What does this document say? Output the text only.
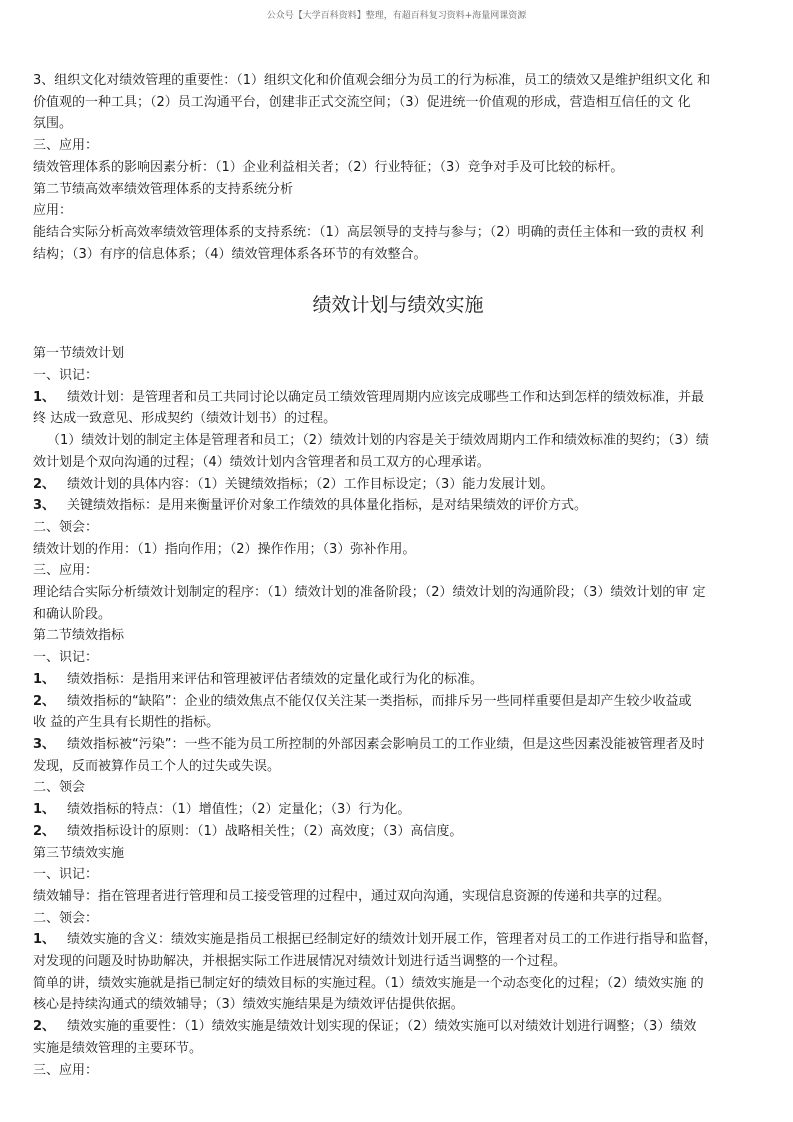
公众号【大学百科资料】整理，有超百科复习资料+海量网课资源
3、组织文化对绩效管理的重要性：（1）组织文化和价值观会细分为员工的行为标准，员工的绩效又是维护组织文化 和
价值观的一种工具；（2）员工沟通平台，创建非正式交流空间；（3）促进统一价值观的形成，营造相互信任的文 化
氛围。
三、应用：
绩效管理体系的影响因素分析：（1）企业利益相关者；（2）行业特征；（3）竞争对手及可比较的标杆。
第二节绩高效率绩效管理体系的支持系统分析
应用：
能结合实际分析高效率绩效管理体系的支持系统：（1）高层领导的支持与参与；（2）明确的责任主体和一致的责权 利
结构；（3）有序的信息体系；（4）绩效管理体系各环节的有效整合。
绩效计划与绩效实施
第一节绩效计划
一、识记：
1、 绩效计划：是管理者和员工共同讨论以确定员工绩效管理周期内应该完成哪些工作和达到怎样的绩效标准，并最
终 达成一致意见、形成契约（绩效计划书）的过程。
（1）绩效计划的制定主体是管理者和员工；（2）绩效计划的内容是关于绩效周期内工作和绩效标准的契约；（3）绩
效计划是个双向沟通的过程；（4）绩效计划内含管理者和员工双方的心理承诺。
2、 绩效计划的具体内容：（1）关键绩效指标；（2）工作目标设定；（3）能力发展计划。
3、 关键绩效指标：是用来衡量评价对象工作绩效的具体量化指标，是对结果绩效的评价方式。
二、领会：
绩效计划的作用：（1）指向作用；（2）操作作用；（3）弥补作用。
三、应用：
理论结合实际分析绩效计划制定的程序：（1）绩效计划的准备阶段；（2）绩效计划的沟通阶段；（3）绩效计划的审 定
和确认阶段。
第二节绩效指标
一、识记：
1、 绩效指标：是指用来评估和管理被评估者绩效的定量化或行为化的标准。
2、 绩效指标的“缺陷”：企业的绩效焦点不能仅仅关注某一类指标，而排斥另一些同样重要但是却产生较少收益或
收 益的产生具有长期性的指标。
3、 绩效指标被“污染”：一些不能为员工所控制的外部因素会影响员工的工作业绩，但是这些因素没能被管理者及时
发现，反而被算作员工个人的过失或失误。
二、领会
1、 绩效指标的特点：（1）增值性；（2）定量化；（3）行为化。
2、 绩效指标设计的原则：（1）战略相关性；（2）高效度；（3）高信度。
第三节绩效实施
一、识记：
绩效辅导：指在管理者进行管理和员工接受管理的过程中，通过双向沟通，实现信息资源的传递和共享的过程。
二、领会：
1、 绩效实施的含义：绩效实施是指员工根据已经制定好的绩效计划开展工作，管理者对员工的工作进行指导和监督，
对发现的问题及时协助解决，并根据实际工作进展情况对绩效计划进行适当调整的一个过程。
简单的讲，绩效实施就是指已制定好的绩效目标的实施过程。（1）绩效实施是一个动态变化的过程；（2）绩效实施 的
核心是持续沟通式的绩效辅导；（3）绩效实施结果是为绩效评估提供依据。
2、 绩效实施的重要性：（1）绩效实施是绩效计划实现的保证；（2）绩效实施可以对绩效计划进行调整；（3）绩效
实施是绩效管理的主要环节。
三、应用：
